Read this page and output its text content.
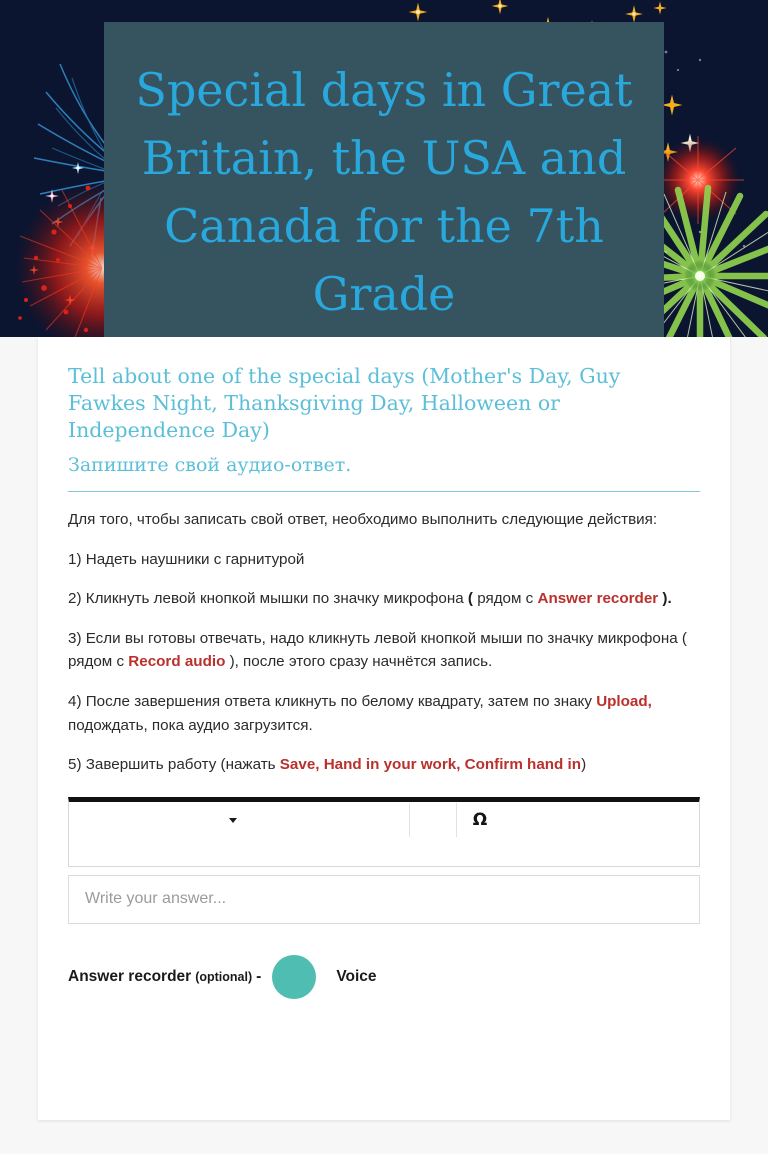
Special days in Great Britain, the USA and Canada for the 7th Grade
Tell about one of the special days (Mother's Day, Guy Fawkes Night, Thanksgiving Day, Halloween or Independence Day)
Запишите свой аудио-ответ.

Для того, чтобы записать свой ответ, необходимо выполнить следующие действия:

1) Надеть наушники с гарнитурой

2) Кликнуть левой кнопкой мышки по значку микрофона ( рядом с Answer recorder ).

3) Если вы готовы отвечать, надо кликнуть левой кнопкой мыши по значку микрофона ( рядом с Record audio ), после этого сразу начнётся запись.

4) После завершения ответа кликнуть по белому квадрату, затем по знаку Upload, подождать, пока аудио загрузится.

5) Завершить работу (нажать Save, Hand in your work, Confirm hand in)

Ω
Write your answer...
Answer recorder (optional) -	Voice
